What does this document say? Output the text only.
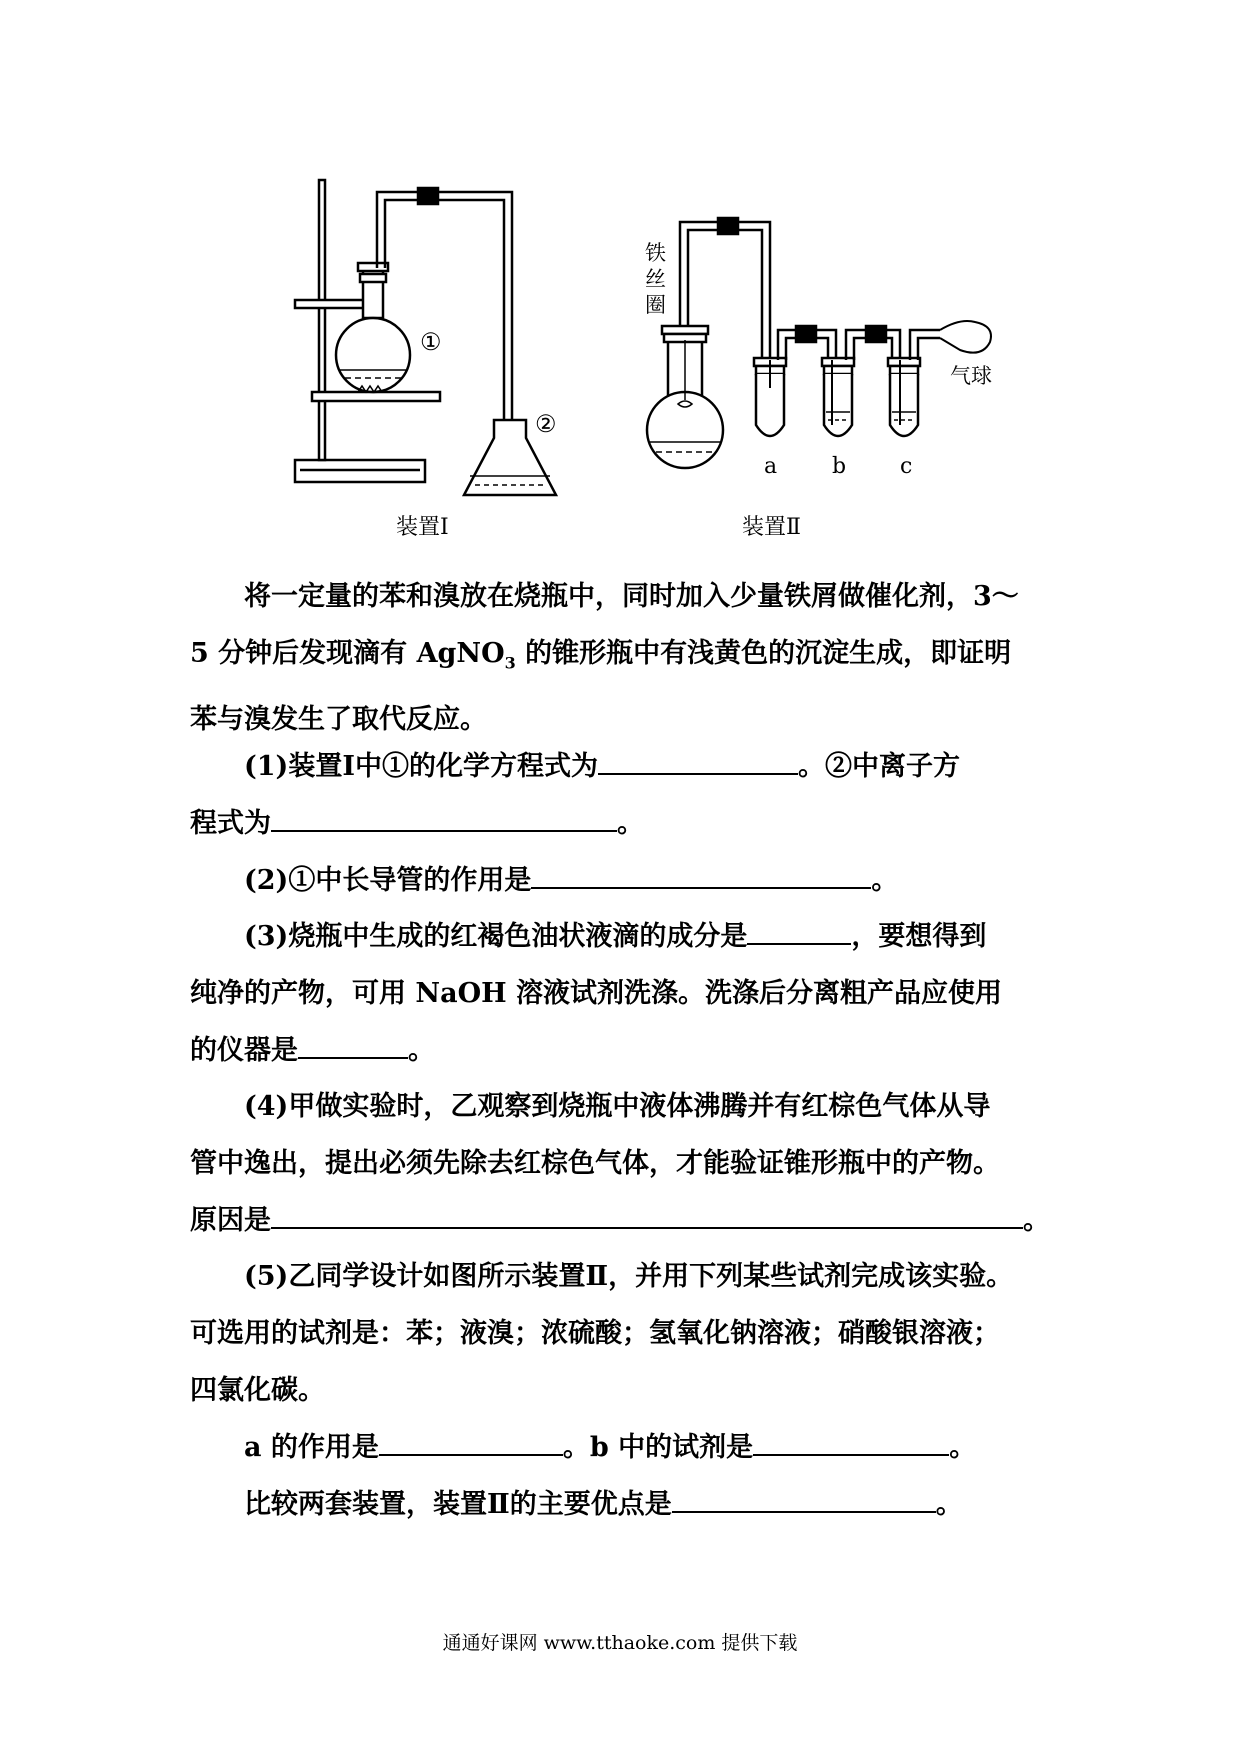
①
②
装置Ⅰ
铁
丝
圈
气球
a b c
装置Ⅱ
将一定量的苯和溴放在烧瓶中，同时加入少量铁屑做催化剂，3～
5 分钟后发现滴有 AgNO$_3$ 的锥形瓶中有浅黄色的沉淀生成，即证明
苯与溴发生了取代反应。
(1)装置Ⅰ中①的化学方程式为	。②中离子方
程式为	。
(2)①中长导管的作用是	。
(3)烧瓶中生成的红褐色油状液滴的成分是	，要想得到
纯净的产物，可用 NaOH 溶液试剂洗涤。洗涤后分离粗产品应使用
的仪器是	。
(4)甲做实验时，乙观察到烧瓶中液体沸腾并有红棕色气体从导
管中逸出，提出必须先除去红棕色气体，才能验证锥形瓶中的产物。
原因是	。
(5)乙同学设计如图所示装置Ⅱ，并用下列某些试剂完成该实验。
可选用的试剂是：苯；液溴；浓硫酸；氢氧化钠溶液；硝酸银溶液；
四氯化碳。
a 的作用是	。b 中的试剂是	。
比较两套装置，装置Ⅱ的主要优点是	。
通通好课网 www.tthaoke.com 提供下载
